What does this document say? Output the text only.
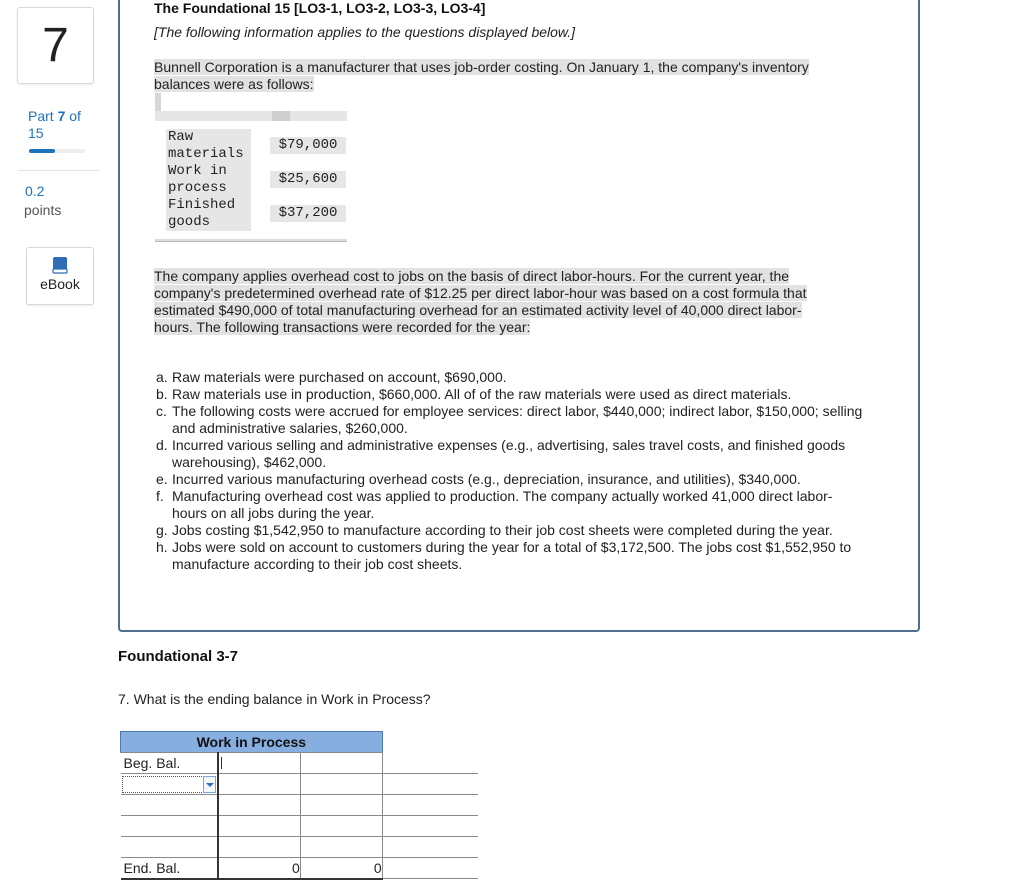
7
Part 7 of
15
0.2
points
eBook
The Foundational 15 [LO3-1, LO3-2, LO3-3, LO3-4]
[The following information applies to the questions displayed below.]
Bunnell Corporation is a manufacturer that uses job-order costing. On January 1, the company's inventory
balances were as follows:
Raw materials
$79,000
Work in process
$25,600
Finished goods
$37,200
The company applies overhead cost to jobs on the basis of direct labor-hours. For the current year, the
company's predetermined overhead rate of $12.25 per direct labor-hour was based on a cost formula that
estimated $490,000 of total manufacturing overhead for an estimated activity level of 40,000 direct labor-
hours. The following transactions were recorded for the year:
a. Raw materials were purchased on account, $690,000.
b. Raw materials use in production, $660,000. All of of the raw materials were used as direct materials.
c. The following costs were accrued for employee services: direct labor, $440,000; indirect labor, $150,000; selling and administrative salaries, $260,000.
d. Incurred various selling and administrative expenses (e.g., advertising, sales travel costs, and finished goods warehousing), $462,000.
e. Incurred various manufacturing overhead costs (e.g., depreciation, insurance, and utilities), $340,000.
f. Manufacturing overhead cost was applied to production. The company actually worked 41,000 direct labor-hours on all jobs during the year.
g. Jobs costing $1,542,950 to manufacture according to their job cost sheets were completed during the year.
h. Jobs were sold on account to customers during the year for a total of $3,172,500. The jobs cost $1,552,950 to manufacture according to their job cost sheets.
Foundational 3-7
7. What is the ending balance in Work in Process?
Work in Process			
Beg. Bal.	

End. Bal.	0	0	
